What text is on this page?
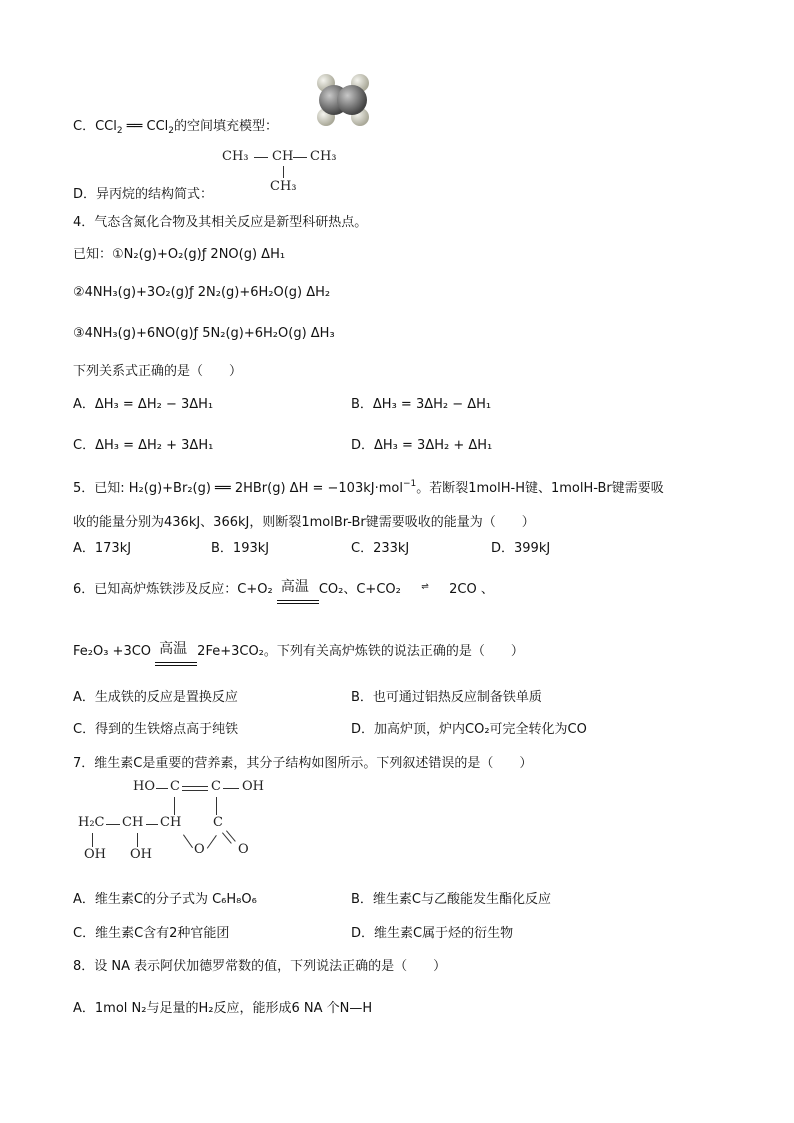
C．CCl$_2$ ══ CCl$_2$的空间填充模型：
CH₃ CH CH₃
CH₃
D．异丙烷的结构简式：
4．气态含氮化合物及其相关反应是新型科研热点。
已知：①N₂(g)+O₂(g)ƒ 2NO(g) ΔH₁
②4NH₃(g)+3O₂(g)ƒ 2N₂(g)+6H₂O(g) ΔH₂
③4NH₃(g)+6NO(g)ƒ 5N₂(g)+6H₂O(g) ΔH₃
下列关系式正确的是（　　）
A．ΔH₃ = ΔH₂ − 3ΔH₁	B．ΔH₃ = 3ΔH₂ − ΔH₁
C．ΔH₃ = ΔH₂ + 3ΔH₁	D．ΔH₃ = 3ΔH₂ + ΔH₁
5．已知: H₂(g)+Br₂(g) ══ 2HBr(g) ΔH = −103kJ·mol$^{-1}$。若断裂1molH-H键、1molH-Br键需要吸
收的能量分别为436kJ、366kJ，则断裂1molBr-Br键需要吸收的能量为（　　）
A．173kJ	B．193kJ	C．233kJ	D．399kJ
6．已知高炉炼铁涉及反应：C+O₂ 高温 CO₂、C+CO₂ ⇌ 2CO 、
Fe₂O₃ +3CO 高温 2Fe+3CO₂。下列有关高炉炼铁的说法正确的是（　　）
A．生成铁的反应是置换反应	B．也可通过铝热反应制备铁单质
C．得到的生铁熔点高于纯铁	D．加高炉顶，炉内CO₂可完全转化为CO
7．维生素C是重要的营养素，其分子结构如图所示。下列叙述错误的是（　　）
HO C C OH
H₂C CH CH C
OH OH	O	O
A．维生素C的分子式为 C₆H₈O₆	B．维生素C与乙酸能发生酯化反应
C．维生素C含有2种官能团	D．维生素C属于烃的衍生物
8．设 NA 表示阿伏加德罗常数的值，下列说法正确的是（　　）
A．1mol N₂与足量的H₂反应，能形成6 NA 个N—H
